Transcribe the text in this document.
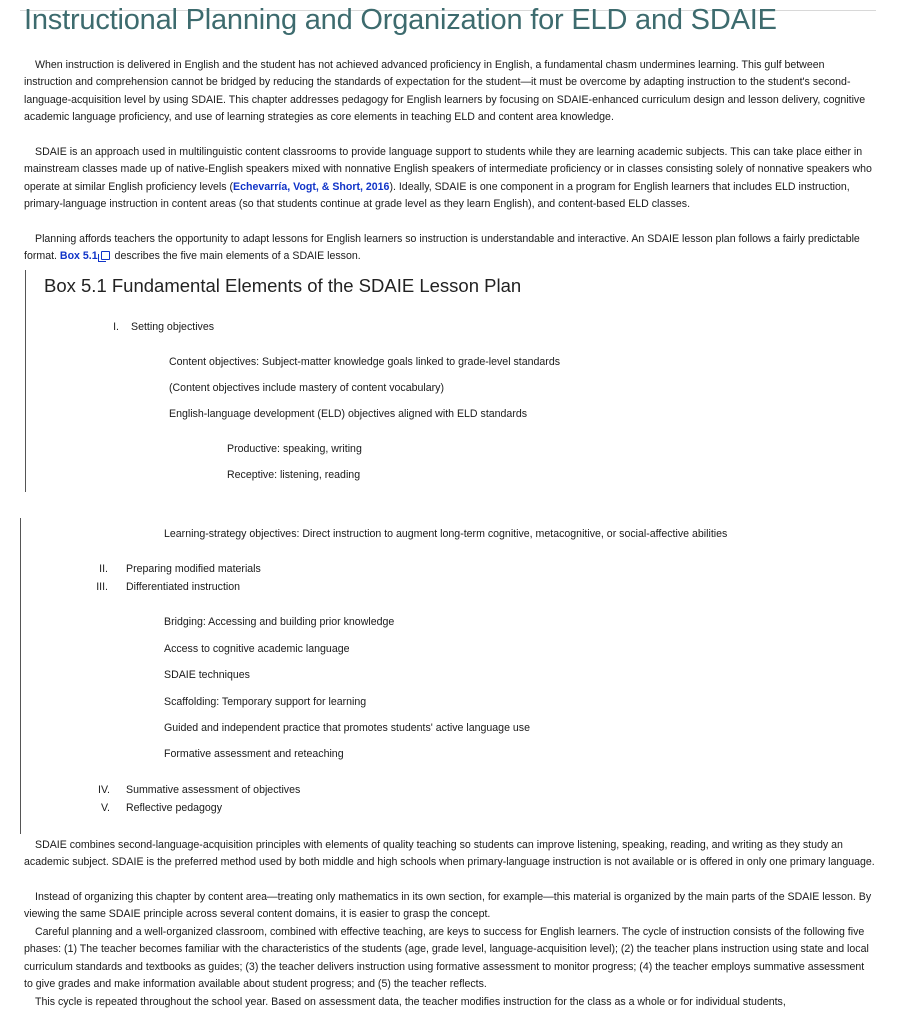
Instructional Planning and Organization for ELD and SDAIE

When instruction is delivered in English and the student has not achieved advanced proficiency in English, a fundamental chasm undermines learning. This gulf between instruction and comprehension cannot be bridged by reducing the standards of expectation for the student—it must be overcome by adapting instruction to the student's second-language-acquisition level by using SDAIE. This chapter addresses pedagogy for English learners by focusing on SDAIE-enhanced curriculum design and lesson delivery, cognitive academic language proficiency, and use of learning strategies as core elements in teaching ELD and content area knowledge.

SDAIE is an approach used in multilinguistic content classrooms to provide language support to students while they are learning academic subjects. This can take place either in mainstream classes made up of native-English speakers mixed with nonnative English speakers of intermediate proficiency or in classes consisting solely of nonnative speakers who operate at similar English proficiency levels (Echevarría, Vogt, & Short, 2016). Ideally, SDAIE is one component in a program for English learners that includes ELD instruction, primary-language instruction in content areas (so that students continue at grade level as they learn English), and content-based ELD classes.

Planning affords teachers the opportunity to adapt lessons for English learners so instruction is understandable and interactive. An SDAIE lesson plan follows a fairly predictable format. Box 5.1 describes the five main elements of a SDAIE lesson.

Box 5.1 Fundamental Elements of the SDAIE Lesson Plan
I. Setting objectives
Content objectives: Subject-matter knowledge goals linked to grade-level standards
(Content objectives include mastery of content vocabulary)
English-language development (ELD) objectives aligned with ELD standards
Productive: speaking, writing
Receptive: listening, reading
Learning-strategy objectives: Direct instruction to augment long-term cognitive, metacognitive, or social-affective abilities
II. Preparing modified materials
III. Differentiated instruction
Bridging: Accessing and building prior knowledge
Access to cognitive academic language
SDAIE techniques
Scaffolding: Temporary support for learning
Guided and independent practice that promotes students' active language use
Formative assessment and reteaching
IV. Summative assessment of objectives
V. Reflective pedagogy

SDAIE combines second-language-acquisition principles with elements of quality teaching so students can improve listening, speaking, reading, and writing as they study an academic subject. SDAIE is the preferred method used by both middle and high schools when primary-language instruction is not available or is offered in only one primary language.

Instead of organizing this chapter by content area—treating only mathematics in its own section, for example—this material is organized by the main parts of the SDAIE lesson. By viewing the same SDAIE principle across several content domains, it is easier to grasp the concept.

Careful planning and a well-organized classroom, combined with effective teaching, are keys to success for English learners. The cycle of instruction consists of the following five phases: (1) The teacher becomes familiar with the characteristics of the students (age, grade level, language-acquisition level); (2) the teacher plans instruction using state and local curriculum standards and textbooks as guides; (3) the teacher delivers instruction using formative assessment to monitor progress; (4) the teacher employs summative assessment to give grades and make information available about student progress; and (5) the teacher reflects.

This cycle is repeated throughout the school year. Based on assessment data, the teacher modifies instruction for the class as a whole or for individual students,
